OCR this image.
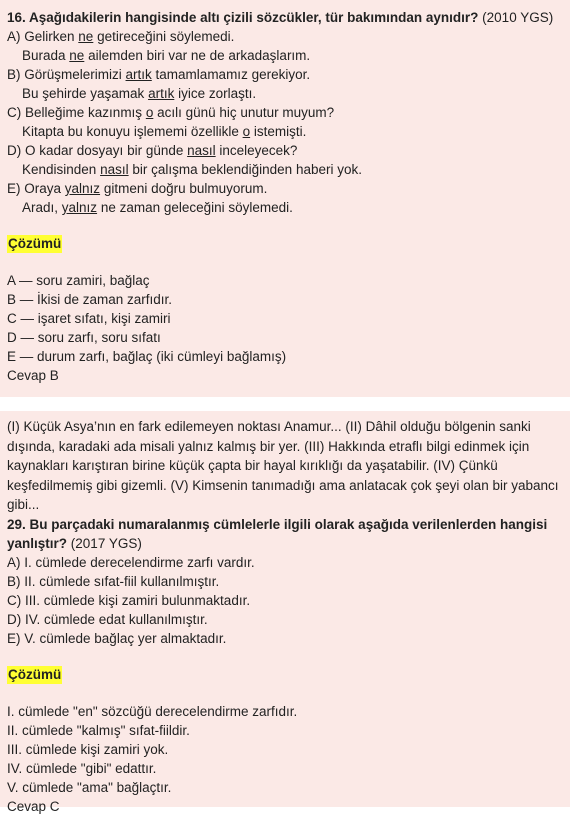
16. Aşağıdakilerin hangisinde altı çizili sözcükler, tür bakımından aynıdır? (2010 YGS)

A) Gelirken ne getireceğini söylemedi.

Burada ne ailemden biri var ne de arkadaşlarım.

B) Görüşmelerimizi artık tamamlamamız gerekiyor.

Bu şehirde yaşamak artık iyice zorlaştı.

C) Belleğime kazınmış o acılı günü hiç unutur muyum?

Kitapta bu konuyu işlememi özellikle o istemişti.

D) O kadar dosyayı bir günde nasıl inceleyecek?

Kendisinden nasıl bir çalışma beklendiğinden haberi yok.

E) Oraya yalnız gitmeni doğru bulmuyorum.

Aradı, yalnız ne zaman geleceğini söylemedi.

Çözümü

A — soru zamiri, bağlaç

B — İkisi de zaman zarfıdır.

C — işaret sıfatı, kişi zamiri

D — soru zarfı, soru sıfatı

E — durum zarfı, bağlaç (iki cümleyi bağlamış)

Cevap B

(I) Küçük Asya’nın en fark edilemeyen noktası Anamur... (II) Dâhil olduğu bölgenin sanki dışında, karadaki ada misali yalnız kalmış bir yer. (III) Hakkında etraflı bilgi edinmek için kaynakları karıştıran birine küçük çapta bir hayal kırıklığı da yaşatabilir. (IV) Çünkü keşfedilmemiş gibi gizemli. (V) Kimsenin tanımadığı ama anlatacak çok şeyi olan bir yabancı gibi...

29. Bu parçadaki numaralanmış cümlelerle ilgili olarak aşağıda verilenlerden hangisi yanlıştır? (2017 YGS)

A) I. cümlede derecelendirme zarfı vardır.

B) II. cümlede sıfat-fiil kullanılmıştır.

C) III. cümlede kişi zamiri bulunmaktadır.

D) IV. cümlede edat kullanılmıştır.

E) V. cümlede bağlaç yer almaktadır.

Çözümü

I. cümlede "en" sözcüğü derecelendirme zarfıdır.

II. cümlede "kalmış" sıfat-fiildir.

III. cümlede kişi zamiri yok.

IV. cümlede "gibi" edattır.

V. cümlede "ama" bağlaçtır.

Cevap C
